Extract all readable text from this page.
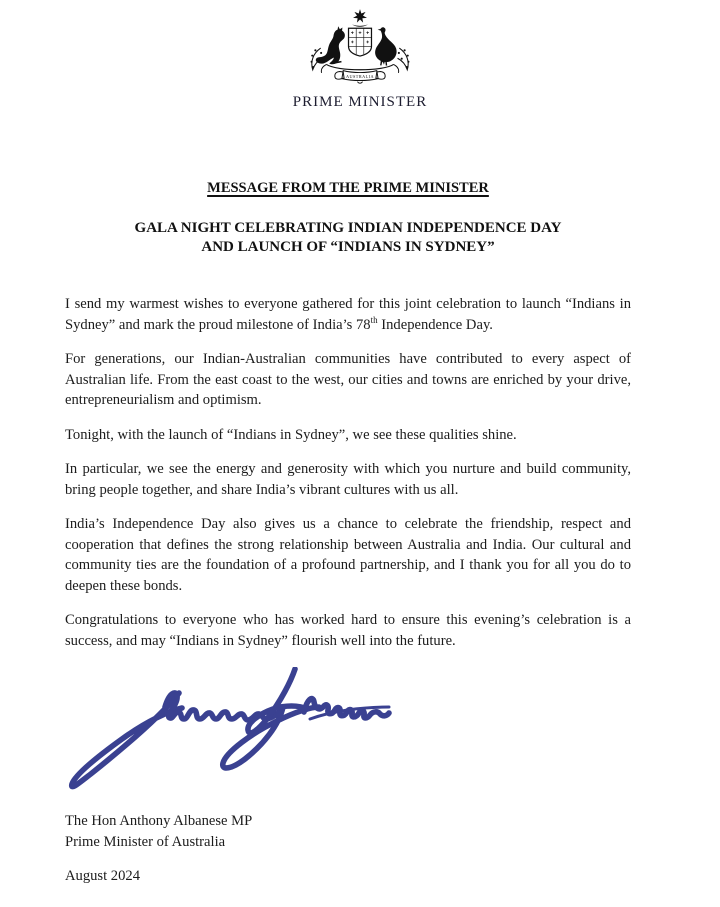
AUSTRALIA
PRIME MINISTER
MESSAGE FROM THE PRIME MINISTER
GALA NIGHT CELEBRATING INDIAN INDEPENDENCE DAY
AND LAUNCH OF “INDIANS IN SYDNEY”

I send my warmest wishes to everyone gathered for this joint celebration to launch “Indians in Sydney” and mark the proud milestone of India’s 78th Independence Day.

For generations, our Indian-Australian communities have contributed to every aspect of Australian life. From the east coast to the west, our cities and towns are enriched by your drive, entrepreneurialism and optimism.

Tonight, with the launch of “Indians in Sydney”, we see these qualities shine.

In particular, we see the energy and generosity with which you nurture and build community, bring people together, and share India’s vibrant cultures with us all.

India’s Independence Day also gives us a chance to celebrate the friendship, respect and cooperation that defines the strong relationship between Australia and India. Our cultural and community ties are the foundation of a profound partnership, and I thank you for all you do to deepen these bonds.

Congratulations to everyone who has worked hard to ensure this evening’s celebration is a success, and may “Indians in Sydney” flourish well into the future.

The Hon Anthony Albanese MP
Prime Minister of Australia
August 2024
